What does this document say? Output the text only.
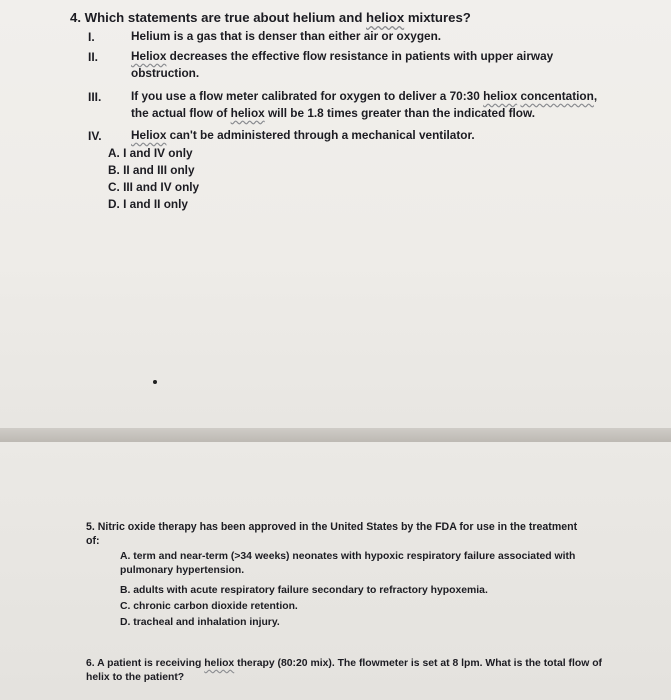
4. Which statements are true about helium and heliox mixtures?
I.	Helium is a gas that is denser than either air or oxygen.
II.	Heliox decreases the effective flow resistance in patients with upper airway
obstruction.
III.	If you use a flow meter calibrated for oxygen to deliver a 70:30 heliox concentation,
the actual flow of heliox will be 1.8 times greater than the indicated flow.
IV. Heliox can't be administered through a mechanical ventilator.
A. I and IV only
B. II and III only
C. III and IV only
D. I and II only
5. Nitric oxide therapy has been approved in the United States by the FDA for use in the treatment of:
A. term and near-term (>34 weeks) neonates with hypoxic respiratory failure associated with pulmonary hypertension.
B. adults with acute respiratory failure secondary to refractory hypoxemia.
C. chronic carbon dioxide retention.
D. tracheal and inhalation injury.
6. A patient is receiving heliox therapy (80:20 mix). The flowmeter is set at 8 lpm. What is the total flow of helix to the patient?
